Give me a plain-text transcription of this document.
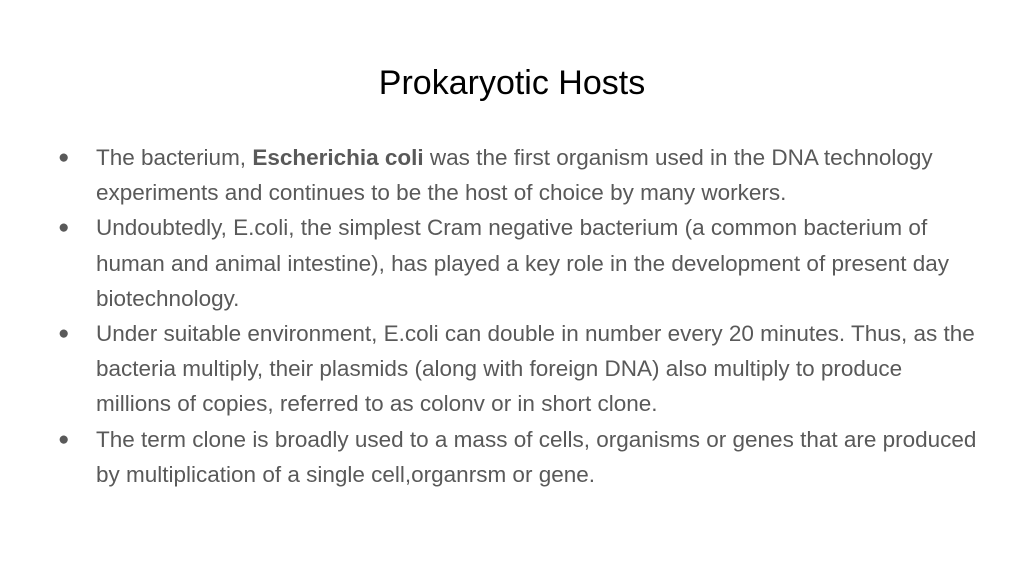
Prokaryotic Hosts
● The bacterium, Escherichia coli was the first organism used in the DNA technology experiments and continues to be the host of choice by many workers.
● Undoubtedly, E.coli, the simplest Cram negative bacterium (a common bacterium of human and animal intestine), has played a key role in the development of present day biotechnology.
● Under suitable environment, E.coli can double in number every 20 minutes. Thus, as the bacteria multiply, their plasmids (along with foreign DNA) also multiply to produce millions of copies, referred to as colonv or in short clone.
● The term clone is broadly used to a mass of cells, organisms or genes that are produced by multiplication of a single cell,organrsm or gene.
